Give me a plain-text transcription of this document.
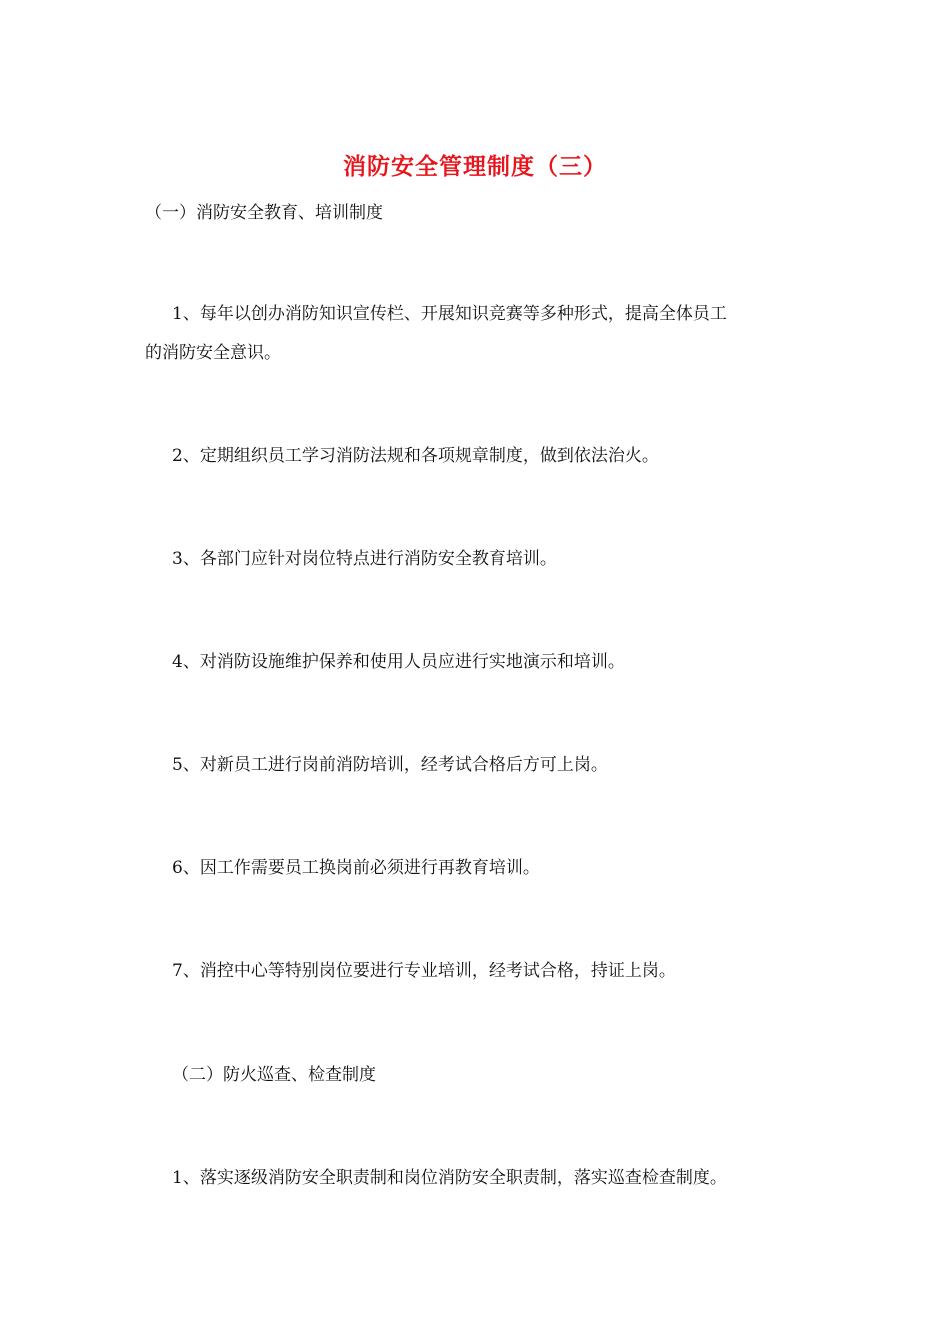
消防安全管理制度（三）
（一）消防安全教育、培训制度
1、每年以创办消防知识宣传栏、开展知识竞赛等多种形式，提高全体员工
的消防安全意识。
2、定期组织员工学习消防法规和各项规章制度，做到依法治火。
3、各部门应针对岗位特点进行消防安全教育培训。
4、对消防设施维护保养和使用人员应进行实地演示和培训。
5、对新员工进行岗前消防培训，经考试合格后方可上岗。
6、因工作需要员工换岗前必须进行再教育培训。
7、消控中心等特别岗位要进行专业培训，经考试合格，持证上岗。
（二）防火巡查、检查制度
1、落实逐级消防安全职责制和岗位消防安全职责制，落实巡查检查制度。
